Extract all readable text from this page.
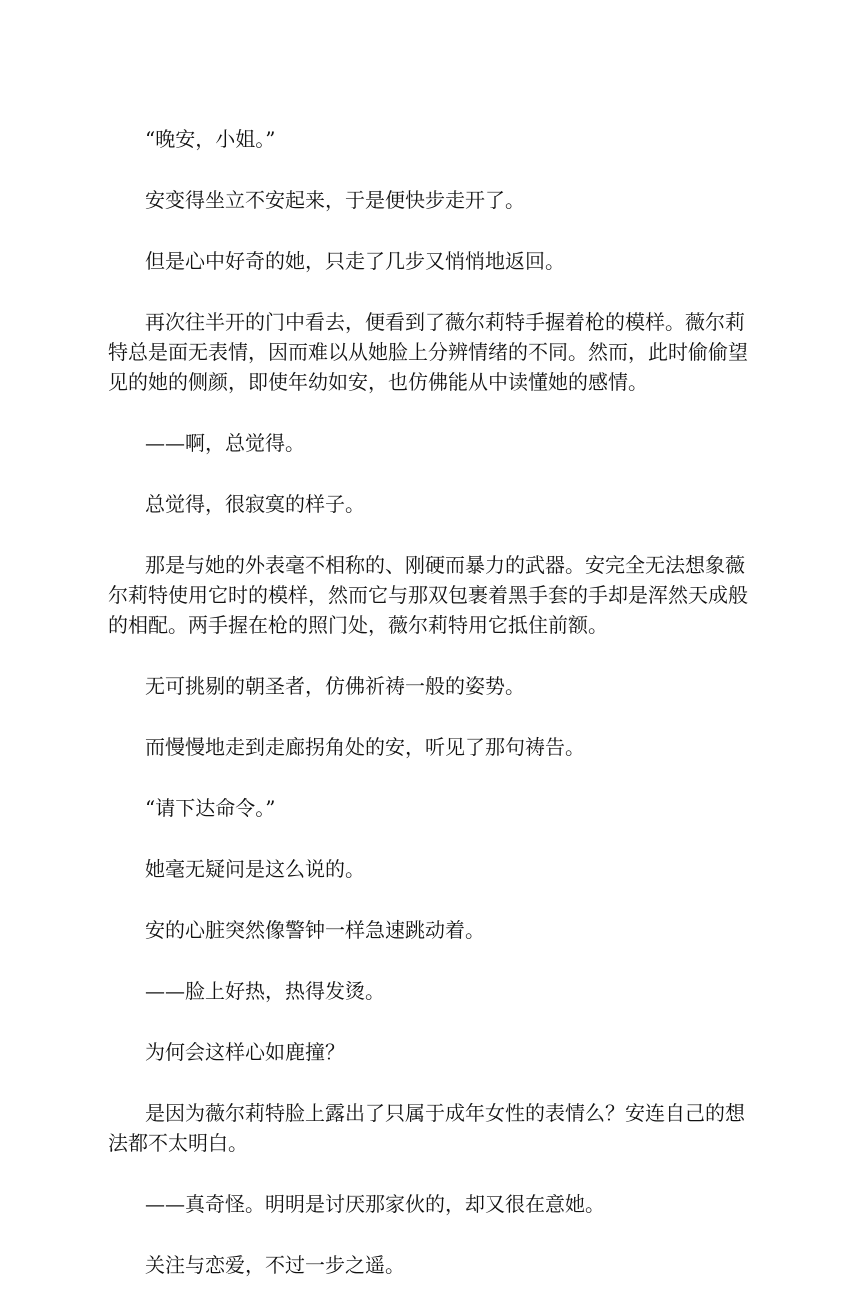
“晚安，小姐。”

安变得坐立不安起来，于是便快步走开了。

但是心中好奇的她，只走了几步又悄悄地返回。

再次往半开的门中看去，便看到了薇尔莉特手握着枪的模样。薇尔莉特总是面无表情，因而难以从她脸上分辨情绪的不同。然而，此时偷偷望见的她的侧颜，即使年幼如安，也仿佛能从中读懂她的感情。

——啊，总觉得。

总觉得，很寂寞的样子。

那是与她的外表毫不相称的、刚硬而暴力的武器。安完全无法想象薇尔莉特使用它时的模样，然而它与那双包裹着黑手套的手却是浑然天成般的相配。两手握在枪的照门处，薇尔莉特用它抵住前额。

无可挑剔的朝圣者，仿佛祈祷一般的姿势。

而慢慢地走到走廊拐角处的安，听见了那句祷告。

“请下达命令。”

她毫无疑问是这么说的。

安的心脏突然像警钟一样急速跳动着。

——脸上好热，热得发烫。

为何会这样心如鹿撞？

是因为薇尔莉特脸上露出了只属于成年女性的表情么？安连自己的想法都不太明白。

——真奇怪。明明是讨厌那家伙的，却又很在意她。

关注与恋爱，不过一步之遥。
